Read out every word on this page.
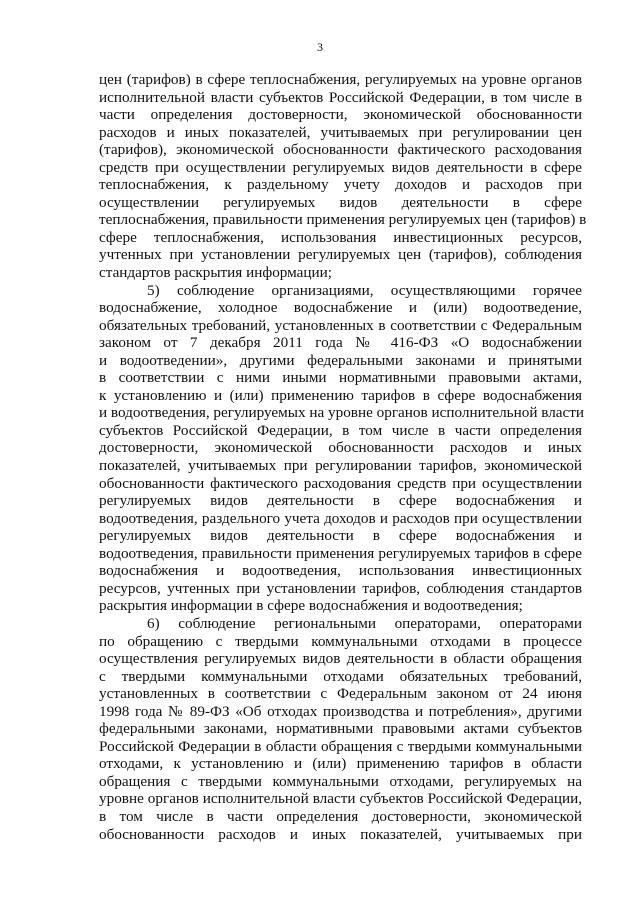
3
цен (тарифов) в сфере теплоснабжения, регулируемых на уровне органов
исполнительной власти субъектов Российской Федерации, в том числе в
части определения достоверности, экономической обоснованности
расходов и иных показателей, учитываемых при регулировании цен
(тарифов), экономической обоснованности фактического расходования
средств при осуществлении регулируемых видов деятельности в сфере
теплоснабжения, к раздельному учету доходов и расходов при
осуществлении регулируемых видов деятельности в сфере
теплоснабжения, правильности применения регулируемых цен (тарифов) в
сфере теплоснабжения, использования инвестиционных ресурсов,
учтенных при установлении регулируемых цен (тарифов), соблюдения
стандартов раскрытия информации;
5) соблюдение организациями, осуществляющими горячее
водоснабжение, холодное водоснабжение и (или) водоотведение,
обязательных требований, установленных в соответствии с Федеральным
законом от 7 декабря 2011 года № 416-ФЗ «О водоснабжении
и водоотведении», другими федеральными законами и принятыми
в соответствии с ними иными нормативными правовыми актами,
к установлению и (или) применению тарифов в сфере водоснабжения
и водоотведения, регулируемых на уровне органов исполнительной власти
субъектов Российской Федерации, в том числе в части определения
достоверности, экономической обоснованности расходов и иных
показателей, учитываемых при регулировании тарифов, экономической
обоснованности фактического расходования средств при осуществлении
регулируемых видов деятельности в сфере водоснабжения и
водоотведения, раздельного учета доходов и расходов при осуществлении
регулируемых видов деятельности в сфере водоснабжения и
водоотведения, правильности применения регулируемых тарифов в сфере
водоснабжения и водоотведения, использования инвестиционных
ресурсов, учтенных при установлении тарифов, соблюдения стандартов
раскрытия информации в сфере водоснабжения и водоотведения;
6) соблюдение региональными операторами, операторами
по обращению с твердыми коммунальными отходами в процессе
осуществления регулируемых видов деятельности в области обращения
с твердыми коммунальными отходами обязательных требований,
установленных в соответствии с Федеральным законом от 24 июня
1998 года № 89-ФЗ «Об отходах производства и потребления», другими
федеральными законами, нормативными правовыми актами субъектов
Российской Федерации в области обращения с твердыми коммунальными
отходами, к установлению и (или) применению тарифов в области
обращения с твердыми коммунальными отходами, регулируемых на
уровне органов исполнительной власти субъектов Российской Федерации,
в том числе в части определения достоверности, экономической
обоснованности расходов и иных показателей, учитываемых при
